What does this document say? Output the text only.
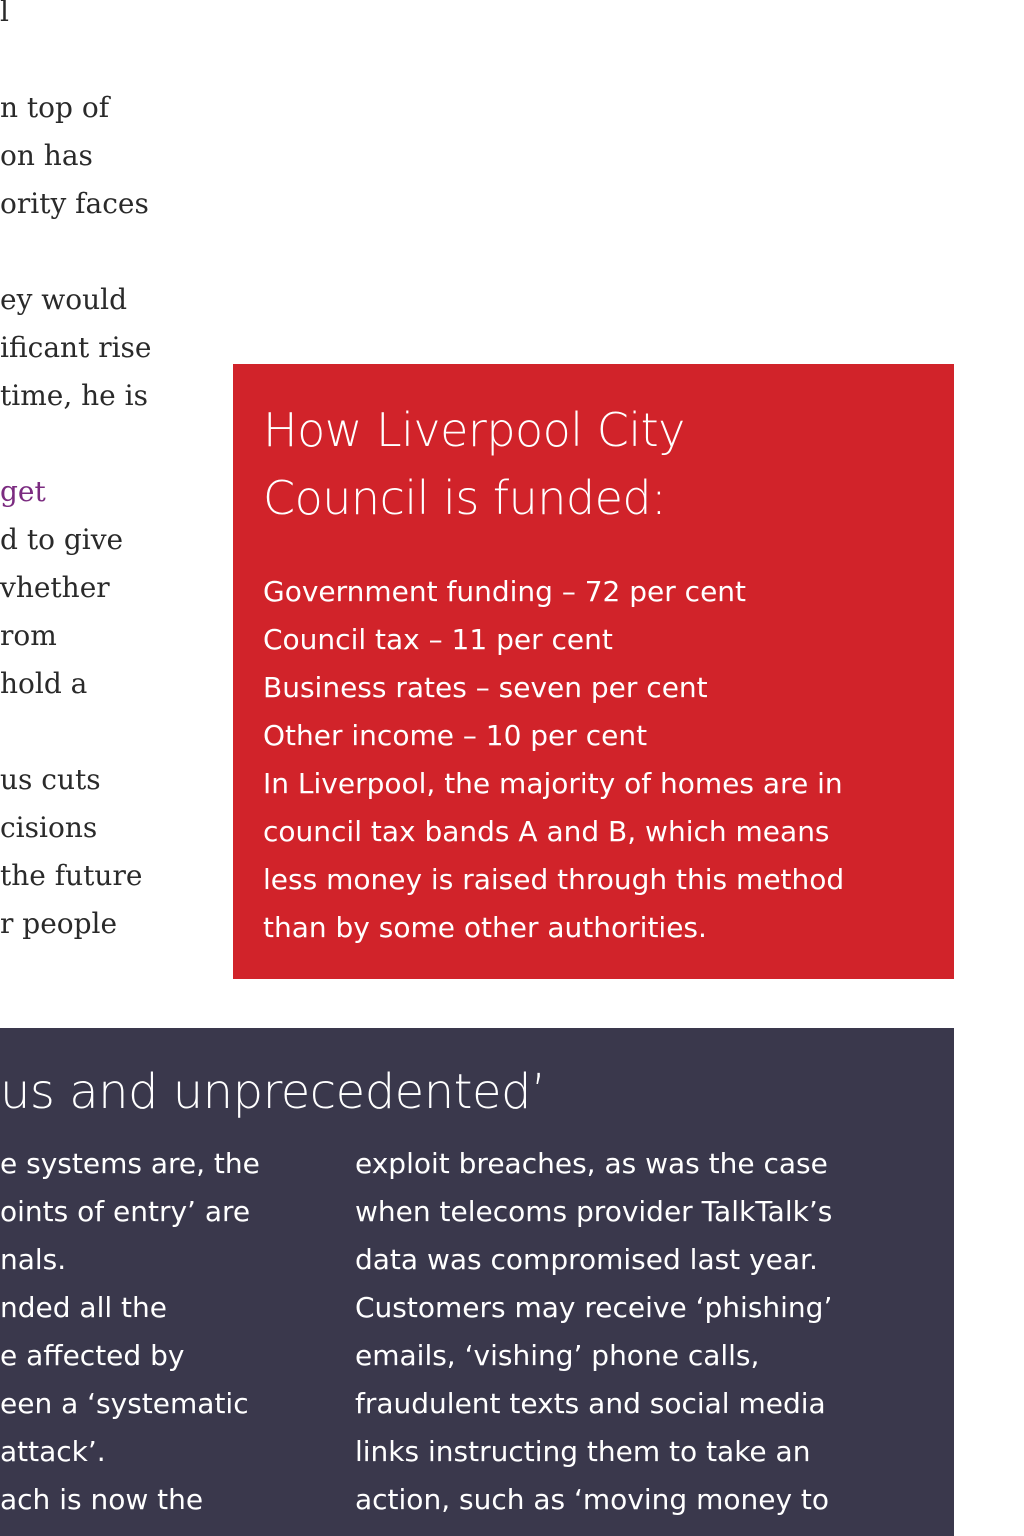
l
n top of
on has
ority faces
ey would
ificant rise
time, he is
get
d to give
vhether
rom
hold a
us cuts
cisions
the future
r people
How Liverpool City
Council is funded:
Government funding – 72 per cent
Council tax – 11 per cent
Business rates – seven per cent
Other income – 10 per cent
In Liverpool, the majority of homes are in
council tax bands A and B, which means
less money is raised through this method
than by some other authorities.
us and unprecedented’
e systems are, the
oints of entry’ are
nals.
nded all the
e affected by
een a ‘systematic
attack’.
ach is now the
exploit breaches, as was the case
when telecoms provider TalkTalk’s
data was compromised last year.
Customers may receive ‘phishing’
emails, ‘vishing’ phone calls,
fraudulent texts and social media
links instructing them to take an
action, such as ‘moving money to
